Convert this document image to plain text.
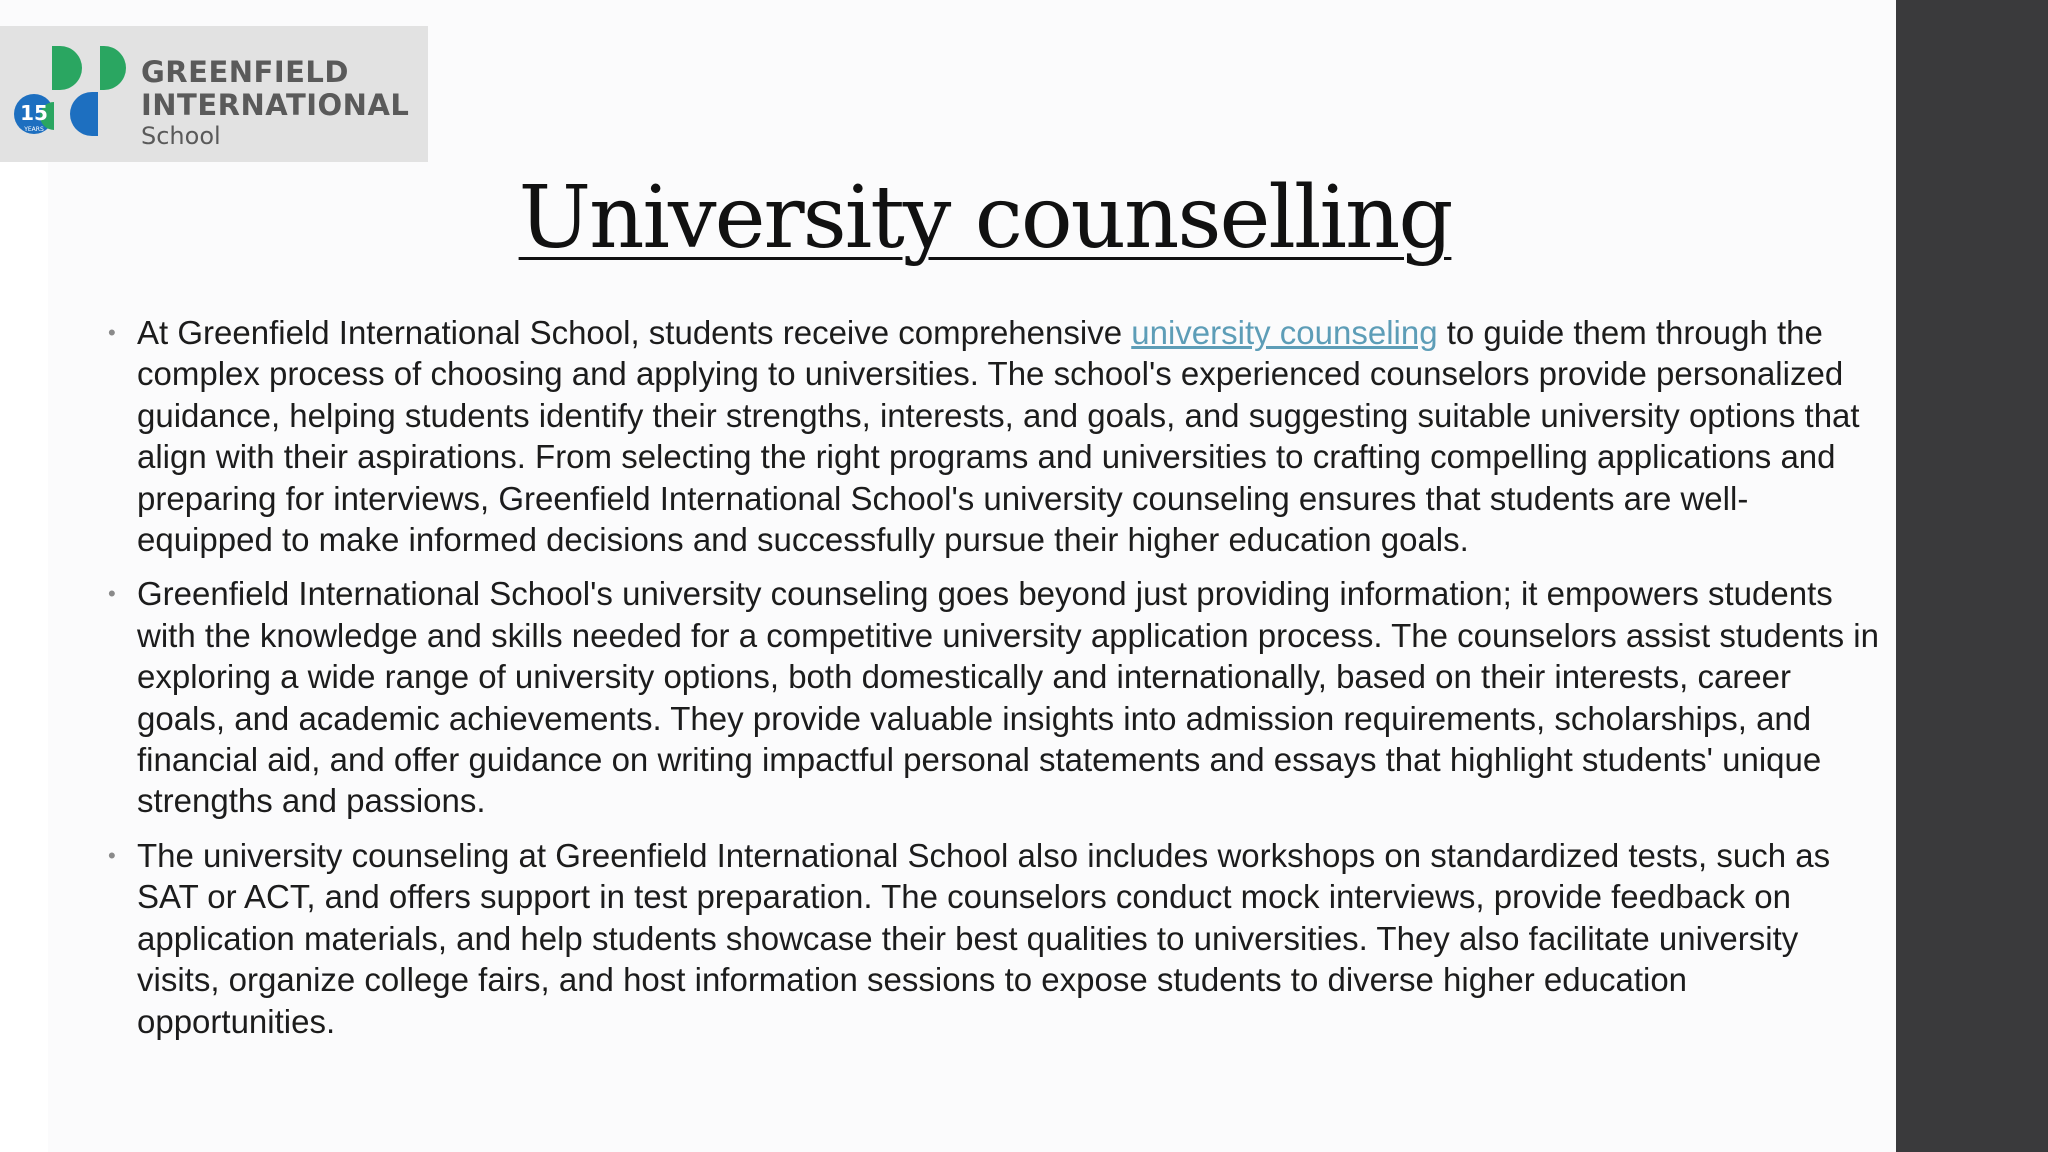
15
YEARS
GREENFIELD
INTERNATIONAL
School
University counselling
• At Greenfield International School, students receive comprehensive university counseling to guide them through the complex process of choosing and applying to universities. The school's experienced counselors provide personalized guidance, helping students identify their strengths, interests, and goals, and suggesting suitable university options that align with their aspirations. From selecting the right programs and universities to crafting compelling applications and preparing for interviews, Greenfield International School's university counseling ensures that students are well-equipped to make informed decisions and successfully pursue their higher education goals.
• Greenfield International School's university counseling goes beyond just providing information; it empowers students with the knowledge and skills needed for a competitive university application process. The counselors assist students in exploring a wide range of university options, both domestically and internationally, based on their interests, career goals, and academic achievements. They provide valuable insights into admission requirements, scholarships, and financial aid, and offer guidance on writing impactful personal statements and essays that highlight students' unique strengths and passions.
• The university counseling at Greenfield International School also includes workshops on standardized tests, such as SAT or ACT, and offers support in test preparation. The counselors conduct mock interviews, provide feedback on application materials, and help students showcase their best qualities to universities. They also facilitate university visits, organize college fairs, and host information sessions to expose students to diverse higher education opportunities.
